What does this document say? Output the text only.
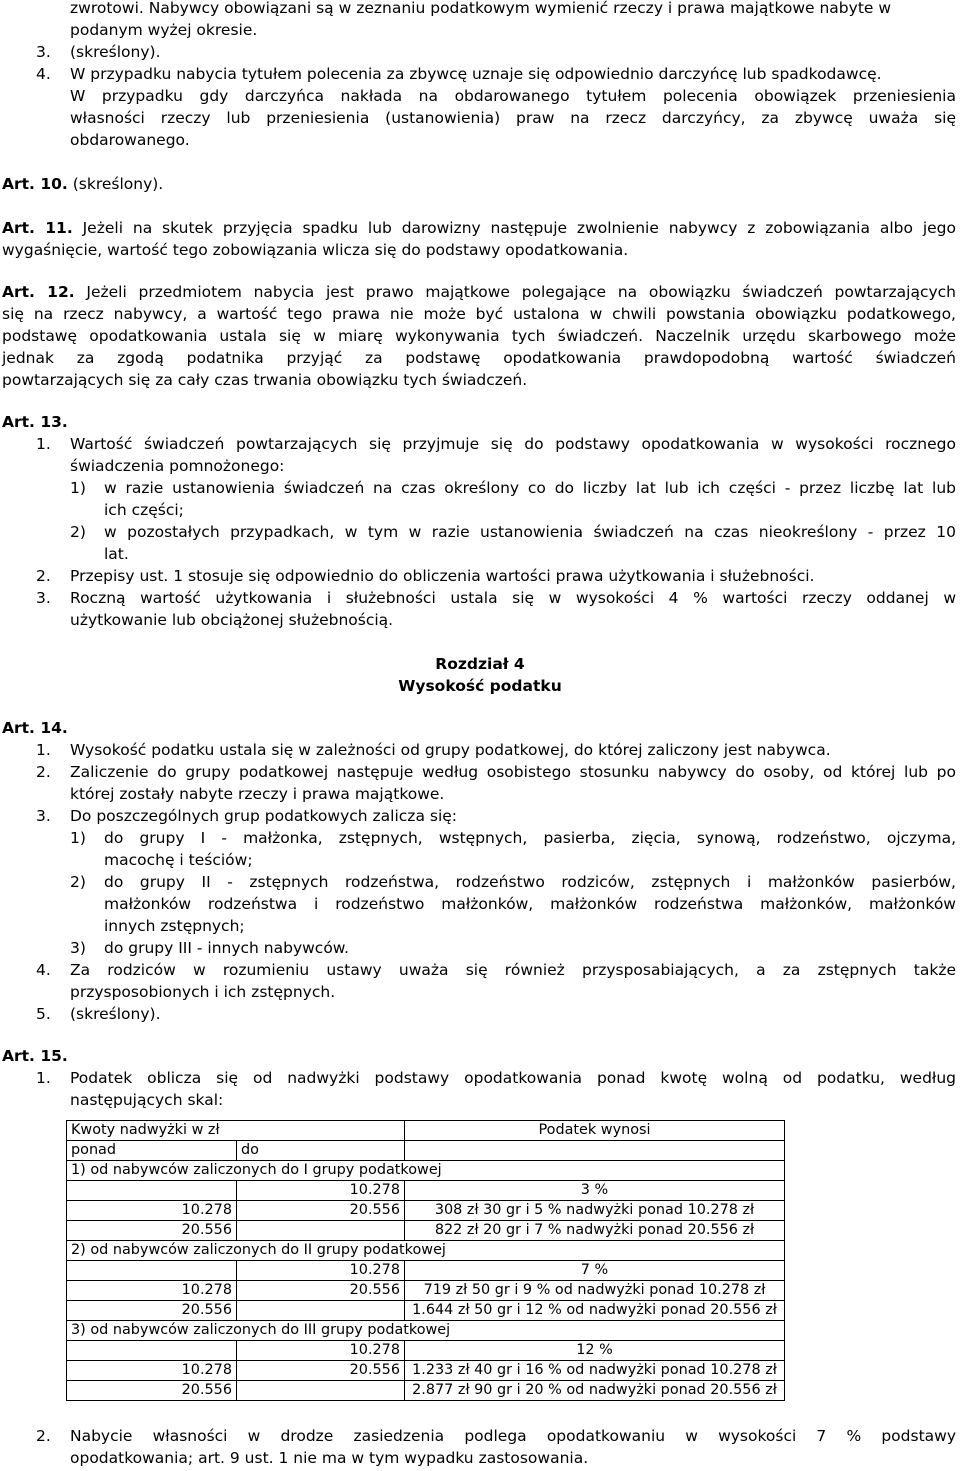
zwrotowi. Nabywcy obowiązani są w zeznaniu podatkowym wymienić rzeczy i prawa majątkowe nabyte w
podanym wyżej okresie.
3. (skreślony).
4. W przypadku nabycia tytułem polecenia za zbywcę uznaje się odpowiednio darczyńcę lub spadkodawcę.
W przypadku gdy darczyńca nakłada na obdarowanego tytułem polecenia obowiązek przeniesienia
własności rzeczy lub przeniesienia (ustanowienia) praw na rzecz darczyńcy, za zbywcę uważa się
obdarowanego.
Art. 10. (skreślony).
Art. 11. Jeżeli na skutek przyjęcia spadku lub darowizny następuje zwolnienie nabywcy z zobowiązania albo jego
wygaśnięcie, wartość tego zobowiązania wlicza się do podstawy opodatkowania.
Art. 12. Jeżeli przedmiotem nabycia jest prawo majątkowe polegające na obowiązku świadczeń powtarzających
się na rzecz nabywcy, a wartość tego prawa nie może być ustalona w chwili powstania obowiązku podatkowego,
podstawę opodatkowania ustala się w miarę wykonywania tych świadczeń. Naczelnik urzędu skarbowego może
jednak za zgodą podatnika przyjąć za podstawę opodatkowania prawdopodobną wartość świadczeń
powtarzających się za cały czas trwania obowiązku tych świadczeń.
Art. 13.
1. Wartość świadczeń powtarzających się przyjmuje się do podstawy opodatkowania w wysokości rocznego
świadczenia pomnożonego:
1) w razie ustanowienia świadczeń na czas określony co do liczby lat lub ich części - przez liczbę lat lub
ich części;
2) w pozostałych przypadkach, w tym w razie ustanowienia świadczeń na czas nieokreślony - przez 10
lat.
2. Przepisy ust. 1 stosuje się odpowiednio do obliczenia wartości prawa użytkowania i służebności.
3. Roczną wartość użytkowania i służebności ustala się w wysokości 4 % wartości rzeczy oddanej w
użytkowanie lub obciążonej służebnością.
Rozdział 4
Wysokość podatku
Art. 14.
1. Wysokość podatku ustala się w zależności od grupy podatkowej, do której zaliczony jest nabywca.
2. Zaliczenie do grupy podatkowej następuje według osobistego stosunku nabywcy do osoby, od której lub po
której zostały nabyte rzeczy i prawa majątkowe.
3. Do poszczególnych grup podatkowych zalicza się:
1) do grupy I - małżonka, zstępnych, wstępnych, pasierba, zięcia, synową, rodzeństwo, ojczyma,
macochę i teściów;
2) do grupy II - zstępnych rodzeństwa, rodzeństwo rodziców, zstępnych i małżonków pasierbów,
małżonków rodzeństwa i rodzeństwo małżonków, małżonków rodzeństwa małżonków, małżonków
innych zstępnych;
3) do grupy III - innych nabywców.
4. Za rodziców w rozumieniu ustawy uważa się również przysposabiających, a za zstępnych także
przysposobionych i ich zstępnych.
5. (skreślony).
Art. 15.
1. Podatek oblicza się od nadwyżki podstawy opodatkowania ponad kwotę wolną od podatku, według
następujących skal:
Kwoty nadwyżki w zł		Podatek wynosi
ponad	do	
1) od nabywców zaliczonych do I grupy podatkowej		
	10.278	3 %
10.278	20.556	308 zł 30 gr i 5 % nadwyżki ponad 10.278 zł
20.556		822 zł 20 gr i 7 % nadwyżki ponad 20.556 zł
2) od nabywców zaliczonych do II grupy podatkowej		
	10.278	7 %
10.278	20.556	719 zł 50 gr i 9 % od nadwyżki ponad 10.278 zł
20.556		1.644 zł 50 gr i 12 % od nadwyżki ponad 20.556 zł
3) od nabywców zaliczonych do III grupy podatkowej		
	10.278	12 %
10.278	20.556	1.233 zł 40 gr i 16 % od nadwyżki ponad 10.278 zł
20.556		2.877 zł 90 gr i 20 % od nadwyżki ponad 20.556 zł
2. Nabycie własności w drodze zasiedzenia podlega opodatkowaniu w wysokości 7 % podstawy
opodatkowania; art. 9 ust. 1 nie ma w tym wypadku zastosowania.
